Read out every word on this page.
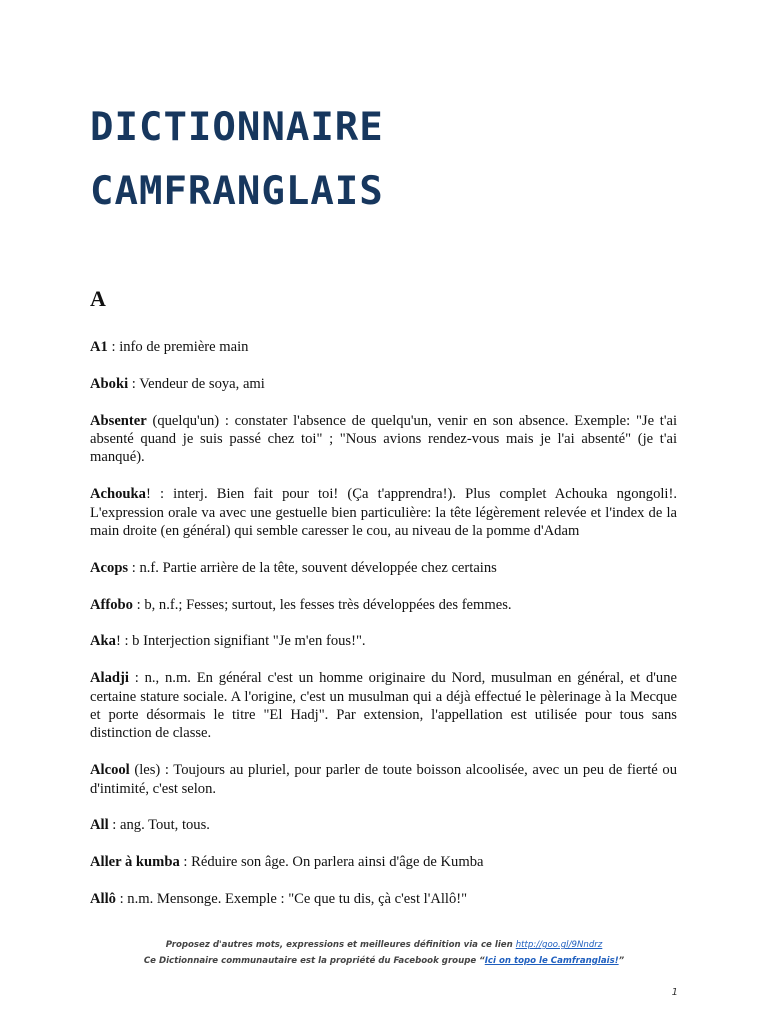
DICTIONNAIRE
CAMFRANGLAIS
A

A1 : info de première main

Aboki : Vendeur de soya, ami

Absenter (quelqu'un) : constater l'absence de quelqu'un, venir en son absence. Exemple: "Je t'ai absenté quand je suis passé chez toi" ; "Nous avions rendez-vous mais je l'ai absenté" (je t'ai manqué).

Achouka! : interj. Bien fait pour toi! (Ça t'apprendra!). Plus complet Achouka ngongoli!. L'expression orale va avec une gestuelle bien particulière: la tête légèrement relevée et l'index de la main droite (en général) qui semble caresser le cou, au niveau de la pomme d'Adam

Acops : n.f. Partie arrière de la tête, souvent développée chez certains

Affobo : b, n.f.; Fesses; surtout, les fesses très développées des femmes.

Aka! : b Interjection signifiant "Je m'en fous!".

Aladji : n., n.m. En général c'est un homme originaire du Nord, musulman en général, et d'une certaine stature sociale. A l'origine, c'est un musulman qui a déjà effectué le pèlerinage à la Mecque et porte désormais le titre "El Hadj". Par extension, l'appellation est utilisée pour tous sans distinction de classe.

Alcool (les) : Toujours au pluriel, pour parler de toute boisson alcoolisée, avec un peu de fierté ou d'intimité, c'est selon.

All : ang. Tout, tous.

Aller à kumba : Réduire son âge. On parlera ainsi d'âge de Kumba

Allô : n.m. Mensonge. Exemple : "Ce que tu dis, çà c'est l'Allô!"

Proposez d'autres mots, expressions et meilleures définition via ce lien http://goo.gl/9Nndrz
Ce Dictionnaire communautaire est la propriété du Facebook groupe “Ici on topo le Camfranglais!”
1
